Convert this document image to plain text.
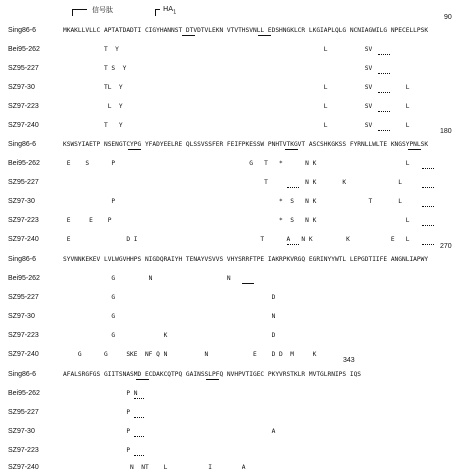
信号肽	$HA_1$
90
Sing86-6	MKAKLLVLLC APTATDADTI CIGYHANNST DTVDTVLEKN VTVTHSVNLL EDSHNGKLCR LKGIAPLQLG NCNIAGWILG NPECELLPSK
Bei95-262	T  Y                                                       L          SV
SZ95-227	T S  Y                                                                SV
SZ97-30	TL  Y                                                      L          SV         L
SZ97-223	L  Y                                                      L          SV         L
SZ97-240	T   Y                                                      L          SV         L
180
Sing86-6	KSWSYIAETP NSENGTCYPG YFADYEELRE QLSSVSSFER FEIFPKESSW PNHTVTKGVT ASCSHKGKSS FYRNLLWLTE KNGSYPNLSK
Bei95-262	E    S      P                                    G   T   *      N K                        L
SZ95-227	T          N K       K              L
SZ97-30	P                                            *  S   N K              T       L
SZ97-223	E     E    P                                             *  S   N K                        L
SZ97-240	E               D I                                 T      A   N K         K           E   L
270
Sing86-6	SYVNNKEKEV LVLWGVHHPS NIGDQRAIYH TENAYVSVVS VHYSRRFTPE IAKRPKVRGQ EGRINYYWTL LEPGDTIIFE ANGNLIAPWY
Bei95-262	G         N                    N
SZ95-227	G                                          D
SZ97-30	G                                          N
SZ97-223	G             K                            D
SZ97-240	G      G     SKE  NF Q N          N            E    D D  M     K
343
Sing86-6	AFALSRGFGS GIITSNASMD ECDAKCQTPQ GAINSSLPFQ NVHPVTIGEC PKYVRSTKLR MVTGLRNIPS IQS
Bei95-262	P N
SZ95-227	P
SZ97-30	P                                      A
SZ97-223	P
SZ97-240	N  NT    L           I        A
